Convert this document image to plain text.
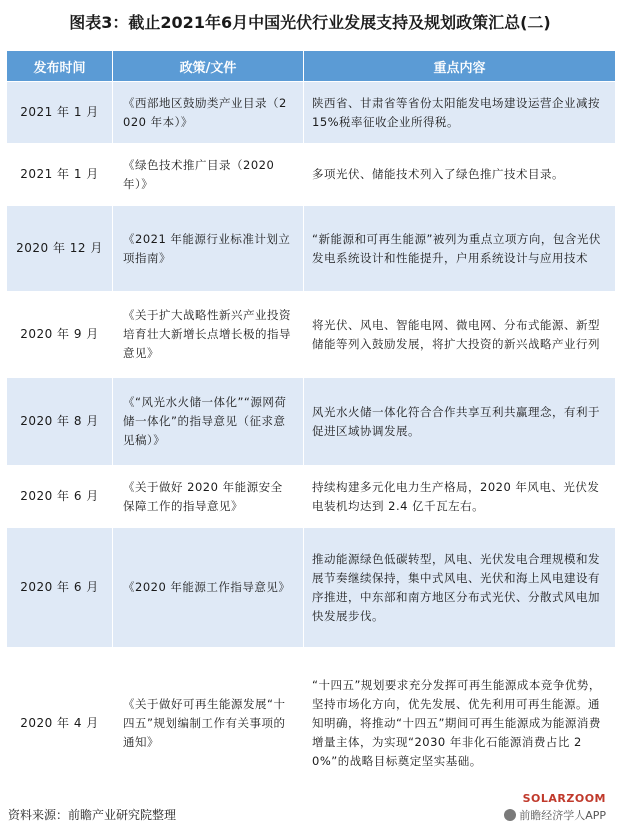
图表3：截止2021年6月中国光伏行业发展支持及规划政策汇总(二)
发布时间	政策/文件	重点内容
2021 年 1 月	《西部地区鼓励类产业目录（2020 年本）》	陕西省、甘肃省等省份太阳能发电场建设运营企业减按 15%税率征收企业所得税。
2021 年 1 月	《绿色技术推广目录（2020 年）》	多项光伏、储能技术列入了绿色推广技术目录。
2020 年 12 月	《2021 年能源行业标准计划立项指南》	“新能源和可再生能源”被列为重点立项方向，包含光伏发电系统设计和性能提升，户用系统设计与应用技术
2020 年 9 月	《关于扩大战略性新兴产业投资 培育壮大新增长点增长极的指导意见》	将光伏、风电、智能电网、微电网、分布式能源、新型储能等列入鼓励发展，将扩大投资的新兴战略产业行列
2020 年 8 月	《“风光水火储一体化”“源网荷储一体化”的指导意见（征求意见稿）》	风光水火储一体化符合合作共享互利共赢理念，有利于促进区域协调发展。
2020 年 6 月	《关于做好 2020 年能源安全保障工作的指导意见》	持续构建多元化电力生产格局，2020 年风电、光伏发电装机均达到 2.4 亿千瓦左右。
2020 年 6 月	《2020 年能源工作指导意见》	推动能源绿色低碳转型，风电、光伏发电合理规模和发展节奏继续保持，集中式风电、光伏和海上风电建设有序推进，中东部和南方地区分布式光伏、分散式风电加快发展步伐。
2020 年 4 月	《关于做好可再生能源发展“十四五”规划编制工作有关事项的通知》	“十四五”规划要求充分发挥可再生能源成本竞争优势，坚持市场化方向，优先发展、优先利用可再生能源。通知明确，将推动“十四五”期间可再生能源成为能源消费增量主体，为实现“2030 年非化石能源消费占比 20%”的战略目标奠定坚实基础。
资料来源：前瞻产业研究院整理
SOLARZOOM
前瞻经济学人APP
